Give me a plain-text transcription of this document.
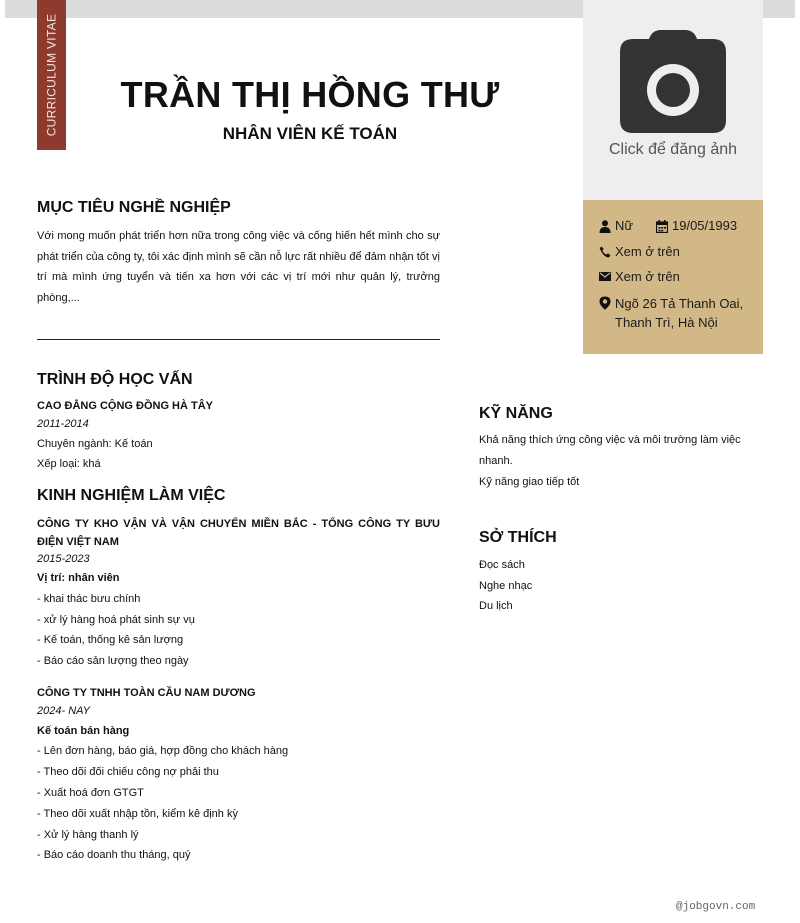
CURRICULUM VITAE TRẦN THỊ HỒNG THƯ
NHÂN VIÊN KẾ TOÁN
Click để đăng ảnh
Nữ	19/05/1993
Xem ở trên
Xem ở trên
Ngõ 26 Tả Thanh Oai, Thanh Trì, Hà Nội
MỤC TIÊU NGHỀ NGHIỆP
Với mong muốn phát triển hơn nữa trong công việc và cống hiến hết mình cho sự phát triển của công ty, tôi xác định mình sẽ cần nỗ lực rất nhiều để đảm nhận tốt vị trí mà mình ứng tuyển và tiến xa hơn với các vị trí mới như quản lý, trưởng phòng,...
TRÌNH ĐỘ HỌC VẤN
CAO ĐẲNG CỘNG ĐỒNG HÀ TÂY
2011-2014
Chuyên ngành: Kế toán
Xếp loại: khá
KINH NGHIỆM LÀM VIỆC
CÔNG TY KHO VẬN VÀ VẬN CHUYỂN MIỀN BẮC - TỔNG CÔNG TY BƯU ĐIỆN VIỆT NAM
2015-2023
Vị trí: nhân viên
- khai thác bưu chính
- xử lý hàng hoá phát sinh sự vụ
- Kế toán, thống kê sản lượng
- Báo cáo sản lượng theo ngày
CÔNG TY TNHH TOÀN CẦU NAM DƯƠNG
2024- NAY
Kế toán bán hàng
- Lên đơn hàng, báo giá, hợp đồng cho khách hàng
- Theo dõi đối chiếu công nợ phải thu
- Xuất hoá đơn GTGT
- Theo dõi xuất nhập tồn, kiểm kê định kỳ
- Xử lý hàng thanh lý
- Báo cáo doanh thu tháng, quý
KỸ NĂNG
Khả năng thích ứng công việc và môi trường làm việc nhanh.
Kỹ năng giao tiếp tốt
SỞ THÍCH
Đọc sách
Nghe nhạc
Du lịch
@jobgovn.com
